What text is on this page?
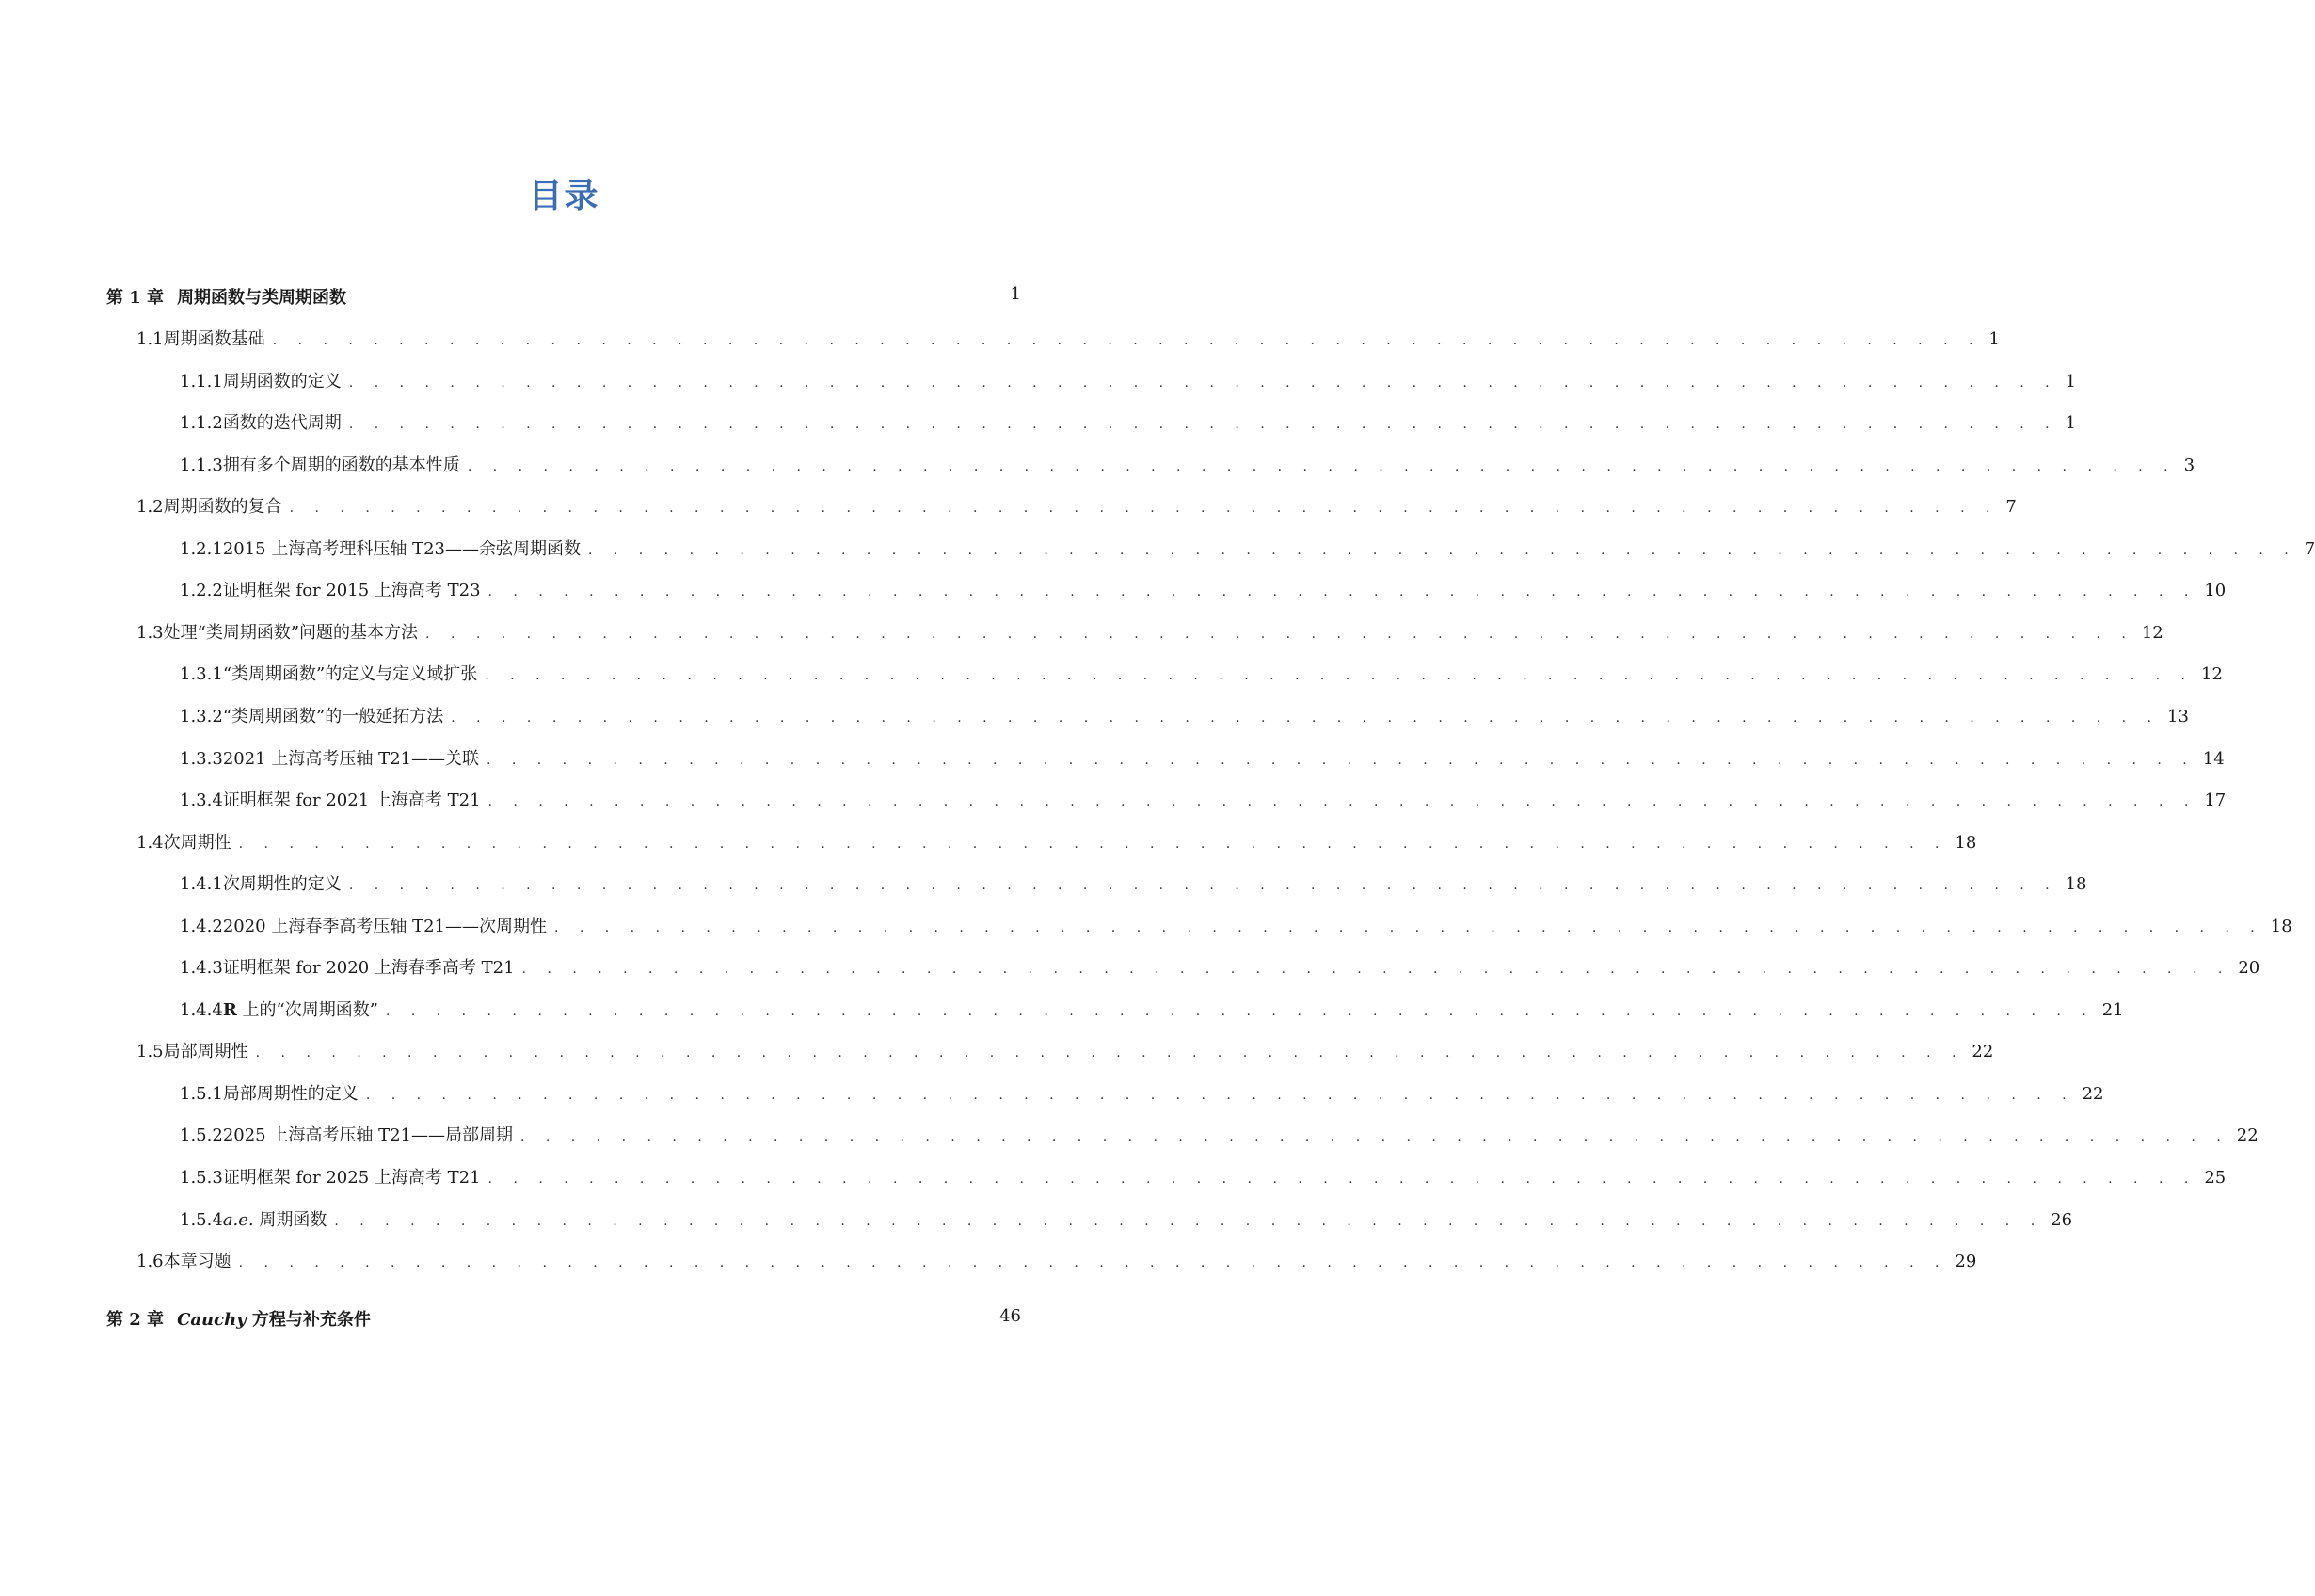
目录
第 1 章 周期函数与类周期函数	1
1.1 周期函数基础 . . . . . . . . . . . . . . . . . . . . . . . . . . . . . . . . . . . . . . . . . . . . . . . . . . . . . . . . . . . . . . . . . . . . 1
1.1.1 周期函数的定义 . . . . . . . . . . . . . . . . . . . . . . . . . . . . . . . . . . . . . . . . . . . . . . . . . . . . . . . . . . . . . . . . . . . . 1
1.1.2 函数的迭代周期 . . . . . . . . . . . . . . . . . . . . . . . . . . . . . . . . . . . . . . . . . . . . . . . . . . . . . . . . . . . . . . . . . . . . 1
1.1.3 拥有多个周期的函数的基本性质 . . . . . . . . . . . . . . . . . . . . . . . . . . . . . . . . . . . . . . . . . . . . . . . . . . . . . . . . . . . . . . . . . . . . 3
1.2 周期函数的复合 . . . . . . . . . . . . . . . . . . . . . . . . . . . . . . . . . . . . . . . . . . . . . . . . . . . . . . . . . . . . . . . . . . . . 7
1.2.1 2015 上海高考理科压轴 T23——余弦周期函数 . . . . . . . . . . . . . . . . . . . . . . . . . . . . . . . . . . . . . . . . . . . . . . . . . . . . . . . . . . . . . . . . . . . . 7
1.2.2 证明框架 for 2015 上海高考 T23 . . . . . . . . . . . . . . . . . . . . . . . . . . . . . . . . . . . . . . . . . . . . . . . . . . . . . . . . . . . . . . . . . . . . 10
1.3 处理“类周期函数”问题的基本方法 . . . . . . . . . . . . . . . . . . . . . . . . . . . . . . . . . . . . . . . . . . . . . . . . . . . . . . . . . . . . . . . . . . . . 12
1.3.1 “类周期函数”的定义与定义域扩张 . . . . . . . . . . . . . . . . . . . . . . . . . . . . . . . . . . . . . . . . . . . . . . . . . . . . . . . . . . . . . . . . . . . . 12
1.3.2 “类周期函数”的一般延拓方法 . . . . . . . . . . . . . . . . . . . . . . . . . . . . . . . . . . . . . . . . . . . . . . . . . . . . . . . . . . . . . . . . . . . . 13
1.3.3 2021 上海高考压轴 T21——关联 . . . . . . . . . . . . . . . . . . . . . . . . . . . . . . . . . . . . . . . . . . . . . . . . . . . . . . . . . . . . . . . . . . . . 14
1.3.4 证明框架 for 2021 上海高考 T21 . . . . . . . . . . . . . . . . . . . . . . . . . . . . . . . . . . . . . . . . . . . . . . . . . . . . . . . . . . . . . . . . . . . . 17
1.4 次周期性 . . . . . . . . . . . . . . . . . . . . . . . . . . . . . . . . . . . . . . . . . . . . . . . . . . . . . . . . . . . . . . . . . . . . 18
1.4.1 次周期性的定义 . . . . . . . . . . . . . . . . . . . . . . . . . . . . . . . . . . . . . . . . . . . . . . . . . . . . . . . . . . . . . . . . . . . . 18
1.4.2 2020 上海春季高考压轴 T21——次周期性 . . . . . . . . . . . . . . . . . . . . . . . . . . . . . . . . . . . . . . . . . . . . . . . . . . . . . . . . . . . . . . . . . . . . 18
1.4.3 证明框架 for 2020 上海春季高考 T21 . . . . . . . . . . . . . . . . . . . . . . . . . . . . . . . . . . . . . . . . . . . . . . . . . . . . . . . . . . . . . . . . . . . . 20
1.4.4 R 上的“次周期函数” . . . . . . . . . . . . . . . . . . . . . . . . . . . . . . . . . . . . . . . . . . . . . . . . . . . . . . . . . . . . . . . . . . . . 21
1.5 局部周期性 . . . . . . . . . . . . . . . . . . . . . . . . . . . . . . . . . . . . . . . . . . . . . . . . . . . . . . . . . . . . . . . . . . . . 22
1.5.1 局部周期性的定义 . . . . . . . . . . . . . . . . . . . . . . . . . . . . . . . . . . . . . . . . . . . . . . . . . . . . . . . . . . . . . . . . . . . . 22
1.5.2 2025 上海高考压轴 T21——局部周期 . . . . . . . . . . . . . . . . . . . . . . . . . . . . . . . . . . . . . . . . . . . . . . . . . . . . . . . . . . . . . . . . . . . . 22
1.5.3 证明框架 for 2025 上海高考 T21 . . . . . . . . . . . . . . . . . . . . . . . . . . . . . . . . . . . . . . . . . . . . . . . . . . . . . . . . . . . . . . . . . . . . 25
1.5.4 a.e. 周期函数 . . . . . . . . . . . . . . . . . . . . . . . . . . . . . . . . . . . . . . . . . . . . . . . . . . . . . . . . . . . . . . . . . . . . 26
1.6 本章习题 . . . . . . . . . . . . . . . . . . . . . . . . . . . . . . . . . . . . . . . . . . . . . . . . . . . . . . . . . . . . . . . . . . . . 29
第 2 章 Cauchy 方程与补充条件	46
